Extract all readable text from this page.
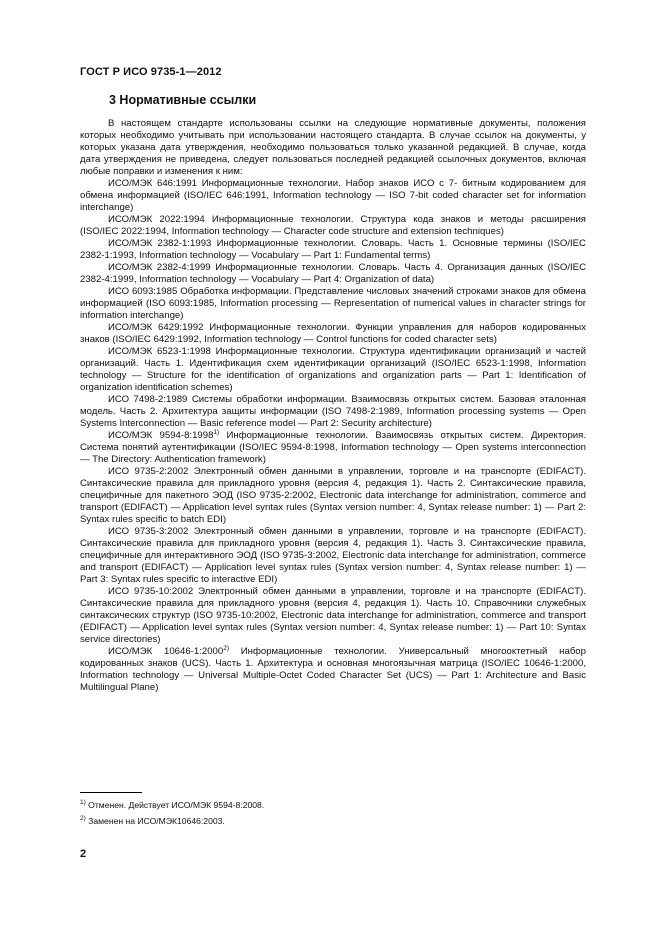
ГОСТ Р ИСО 9735-1—2012
3 Нормативные ссылки

В настоящем стандарте использованы ссылки на следующие нормативные документы, положения которых необходимо учитывать при использовании настоящего стандарта. В случае ссылок на документы, у которых указана дата утверждения, необходимо пользоваться только указанной редакцией. В случае, когда дата утверждения не приведена, следует пользоваться последней редакцией ссылочных документов, включая любые поправки и изменения к ним:

ИСО/МЭК 646:1991 Информационные технологии. Набор знаков ИСО с 7- битным кодированием для обмена информацией (ISO/IEC 646:1991, Information technology — ISO 7-bit coded character set for information interchange)

ИСО/МЭК 2022:1994 Информационные технологии. Структура кода знаков и методы расширения (ISO/IEC 2022:1994, Information technology — Character code structure and extension techniques)

ИСО/МЭК 2382-1:1993 Информационные технологии. Словарь. Часть 1. Основные термины (ISO/IEC 2382-1:1993, Information technology — Vocabulary — Part 1: Fundamental terms)

ИСО/МЭК 2382-4:1999 Информационные технологии. Словарь. Часть 4. Организация данных (ISO/IEC 2382-4:1999, Information technology — Vocabulary — Part 4: Organization of data)

ИСО 6093:1985 Обработка информации. Представление числовых значений строками знаков для обмена информацией (ISO 6093:1985, Information processing — Representation of numerical values in character strings for information interchange)

ИСО/МЭК 6429:1992 Информационные технологии. Функции управления для наборов кодированных знаков (ISO/IEC 6429:1992, Information technology — Control functions for coded character sets)

ИСО/МЭК 6523-1:1998 Информационные технологии. Структура идентификации организаций и частей организаций. Часть 1. Идентификация схем идентификации организаций (ISO/IEC 6523-1:1998, Information technology — Structure for the identification of organizations and organization parts — Part 1: Identification of organization identification schemes)

ИСО 7498-2:1989 Системы обработки информации. Взаимосвязь открытых систем. Базовая эталонная модель. Часть 2. Архитектура защиты информации (ISO 7498-2:1989, Information processing systems — Open Systems Interconnection — Basic reference model — Part 2: Security architecture)

ИСО/МЭК 9594-8:1998$^{1)}$ Информационные технологии. Взаимосвязь открытых систем. Директория. Система понятий аутентификации (ISO/IEC 9594-8:1998, Information technology — Open systems interconnection — The Directory: Authentication framework)

ИСО 9735-2:2002 Электронный обмен данными в управлении, торговле и на транспорте (EDIFACT). Синтаксические правила для прикладного уровня (версия 4, редакция 1). Часть 2. Синтаксические правила, специфичные для пакетного ЭОД (ISO 9735-2:2002, Electronic data interchange for administration, commerce and transport (EDIFACT) — Application level syntax rules (Syntax version number: 4, Syntax release number: 1) — Part 2: Syntax rules specific to batch EDI)

ИСО 9735-3:2002 Электронный обмен данными в управлении, торговле и на транспорте (EDIFACT). Синтаксические правила для прикладного уровня (версия 4, редакция 1). Часть 3. Синтаксические правила, специфичные для интерактивного ЭОД (ISO 9735-3:2002, Electronic data interchange for administration, commerce and transport (EDIFACT) — Application level syntax rules (Syntax version number: 4, Syntax release number: 1) — Part 3: Syntax rules specific to interactive EDI)

ИСО 9735-10:2002 Электронный обмен данными в управлении, торговле и на транспорте (EDIFACT). Синтаксические правила для прикладного уровня (версия 4, редакция 1). Часть 10. Справочники служебных синтаксических структур (ISO 9735-10:2002, Electronic data interchange for administration, commerce and transport (EDIFACT) — Application level syntax rules (Syntax version number: 4, Syntax release number: 1) — Part 10: Syntax service directories)

ИСО/МЭК 10646-1:2000$^{2)}$ Информационные технологии. Универсальный многооктетный набор кодированных знаков (UCS). Часть 1. Архитектура и основная многоязычная матрица (ISO/IEC 10646-1:2000, Information technology — Universal Multiple-Octet Coded Character Set (UCS) — Part 1: Architecture and Basic Multilingual Plane)

$^{1)}$ Отменен. Действует ИСО/МЭК 9594-8:2008.

$^{2)}$ Заменен на ИСО/МЭК10646:2003.

2
